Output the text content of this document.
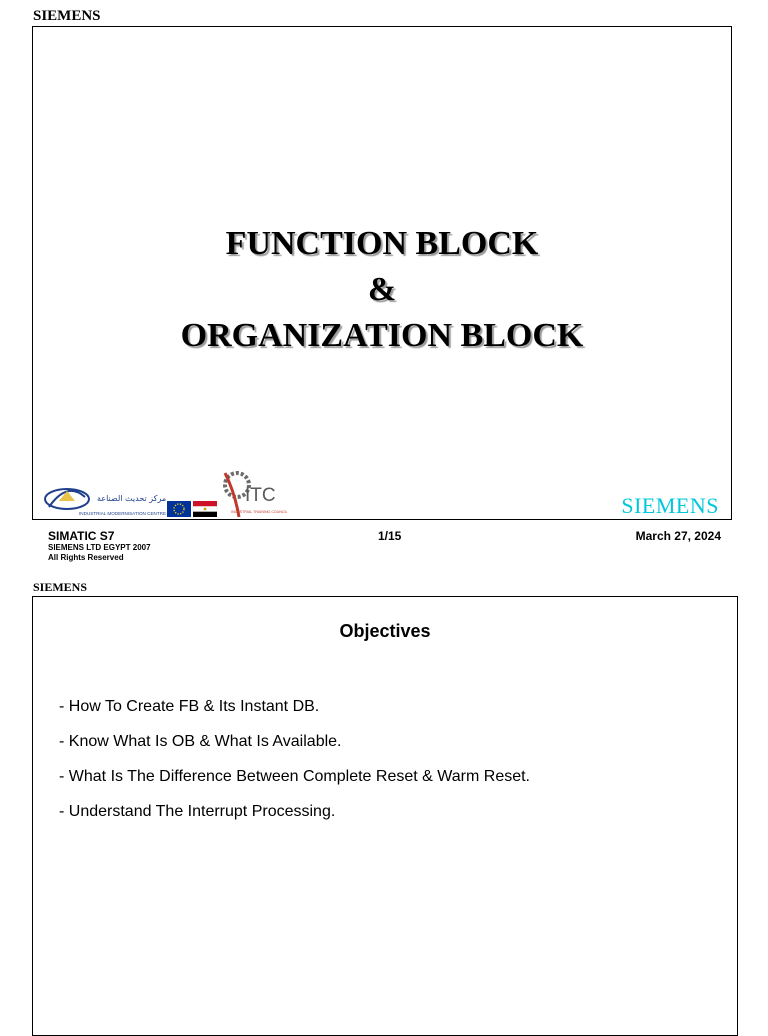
SIEMENS
FUNCTION BLOCK
&
ORGANIZATION BLOCK
مركز تحديث الصناعة
INDUSTRIAL MODERNISATION CENTRE
ITC
INDUSTRIAL TRAINING COUNCIL	SIEMENS
SIMATIC S7
SIEMENS LTD EGYPT 2007
All Rights Reserved
1/15	March 27, 2024
SIEMENS
Objectives
- How To Create FB & Its Instant DB.
- Know What Is OB & What Is Available.
- What Is The Difference Between Complete Reset & Warm Reset.
- Understand The Interrupt Processing.
